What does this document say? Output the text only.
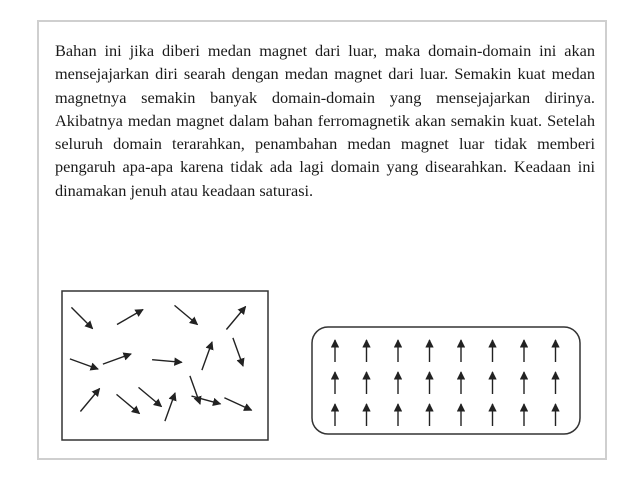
Bahan ini jika diberi medan magnet dari luar, maka domain-domain ini akan mensejajarkan diri searah dengan medan magnet dari luar. Semakin kuat medan magnetnya semakin banyak domain-domain yang mensejajarkan dirinya. Akibatnya medan magnet dalam bahan ferromagnetik akan semakin kuat. Setelah seluruh domain terarahkan, penambahan medan magnet luar tidak memberi pengaruh apa-apa karena tidak ada lagi domain yang disearahkan. Keadaan ini dinamakan jenuh atau keadaan saturasi.
